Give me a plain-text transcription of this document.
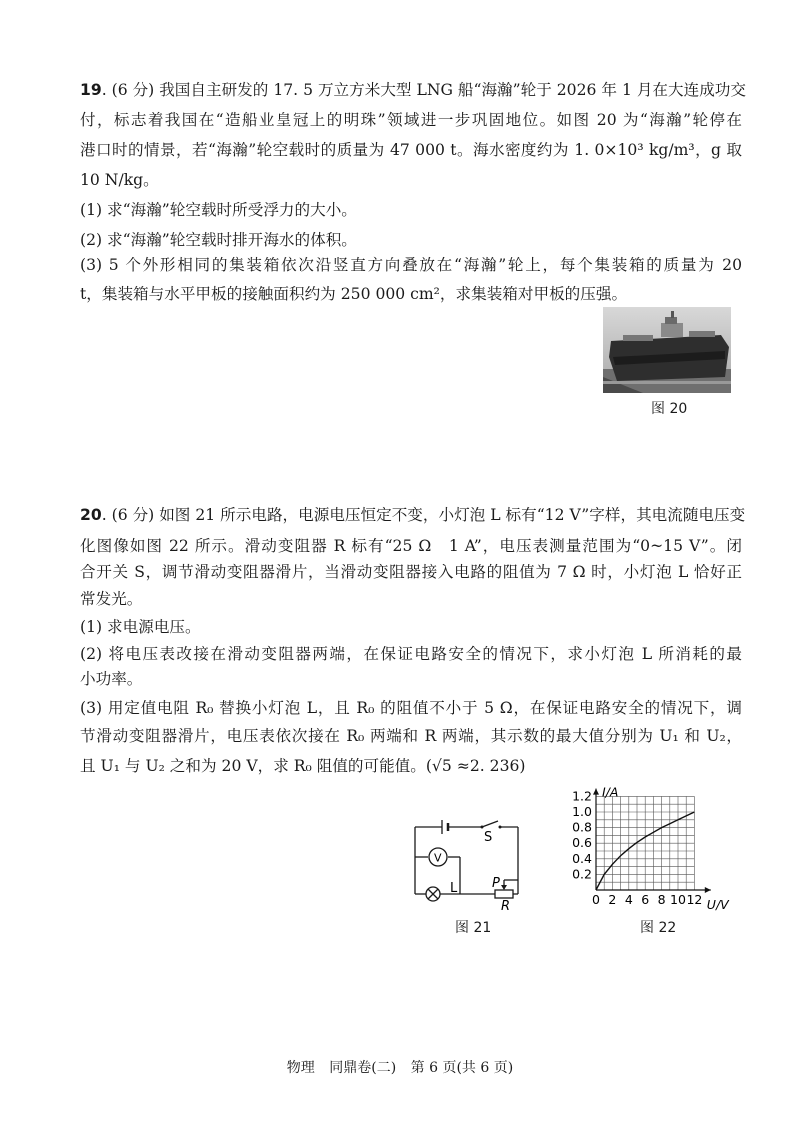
19. (6 分) 我国自主研发的 17. 5 万立方米大型 LNG 船“海瀚”轮于 2026 年 1 月在大连成功交
付，标志着我国在“造船业皇冠上的明珠”领域进一步巩固地位。如图 20 为“海瀚”轮停在
港口时的情景，若“海瀚”轮空载时的质量为 47 000 t。海水密度约为 1. 0×10³ kg/m³，g 取
10 N/kg。
(1) 求“海瀚”轮空载时所受浮力的大小。
(2) 求“海瀚”轮空载时排开海水的体积。
(3) 5 个外形相同的集装箱依次沿竖直方向叠放在“海瀚”轮上，每个集装箱的质量为 20
t，集装箱与水平甲板的接触面积约为 250 000 cm²，求集装箱对甲板的压强。
图 20
20. (6 分) 如图 21 所示电路，电源电压恒定不变，小灯泡 L 标有“12 V”字样，其电流随电压变
化图像如图 22 所示。滑动变阻器 R 标有“25 Ω　1 A”，电压表测量范围为“0~15 V”。闭
合开关 S，调节滑动变阻器滑片，当滑动变阻器接入电路的阻值为 7 Ω 时，小灯泡 L 恰好正
常发光。
(1) 求电源电压。
(2) 将电压表改接在滑动变阻器两端，在保证电路安全的情况下，求小灯泡 L 所消耗的最
小功率。
(3) 用定值电阻 R₀ 替换小灯泡 L，且 R₀ 的阻值不小于 5 Ω，在保证电路安全的情况下，调
节滑动变阻器滑片，电压表依次接在 R₀ 两端和 R 两端，其示数的最大值分别为 U₁ 和 U₂，
且 U₁ 与 U₂ 之和为 20 V，求 R₀ 阻值的可能值。(√5 ≈2. 236)
S
V
L	P
R
图 21
0 2 4 6 8 10 12
0.2
0.4
0.6
0.8
1.0
1.2
U/V
I/A
图 22
物理 同鼎卷(二) 第 6 页(共 6 页)
